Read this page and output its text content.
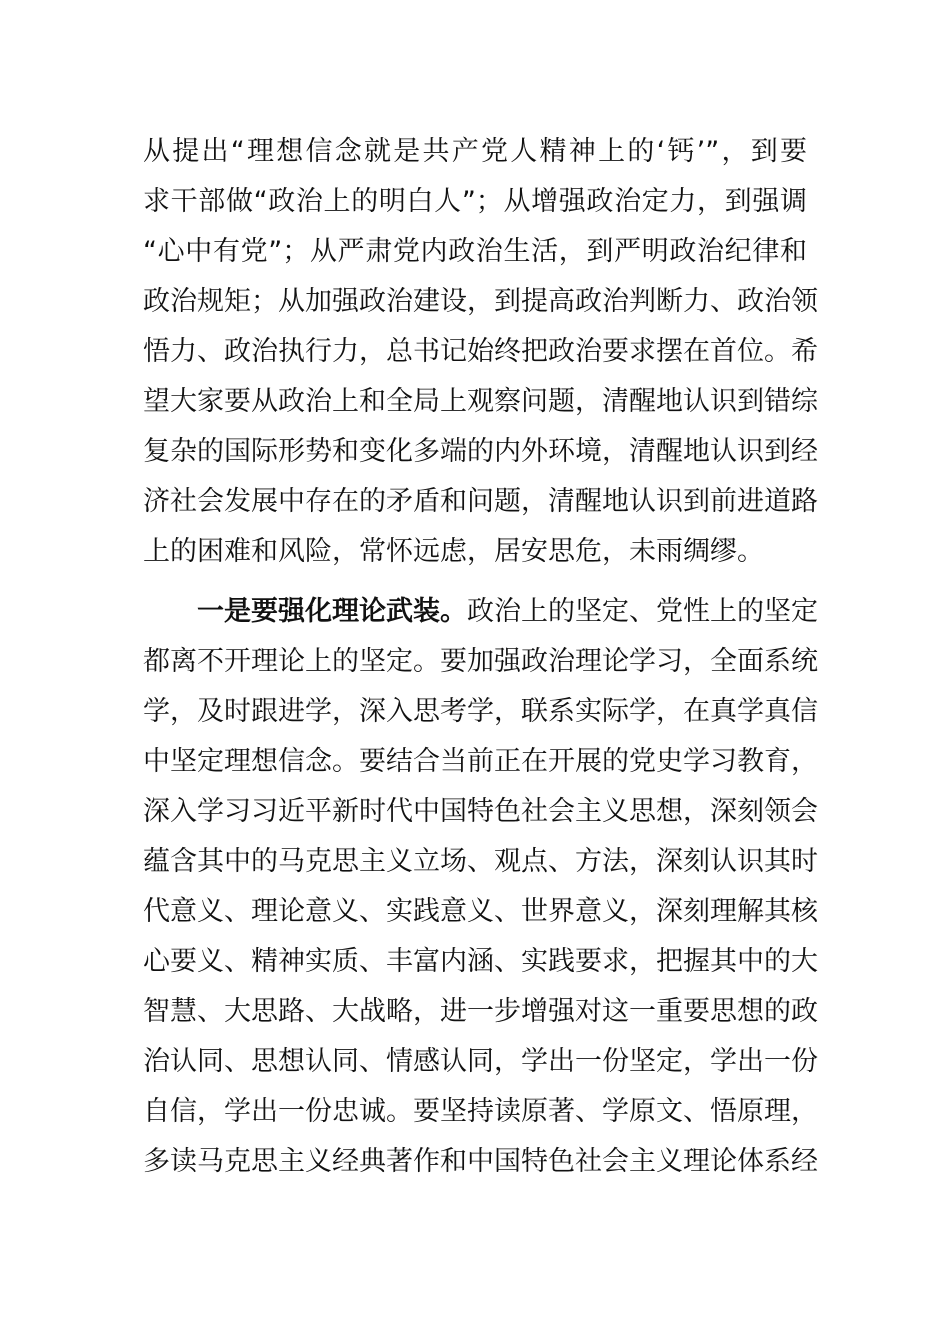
从提出“理想信念就是共产党人精神上的‘钙’”，到要
求干部做“政治上的明白人”；从增强政治定力，到强调
“心中有党”；从严肃党内政治生活，到严明政治纪律和
政治规矩；从加强政治建设，到提高政治判断力、政治领
悟力、政治执行力，总书记始终把政治要求摆在首位。希
望大家要从政治上和全局上观察问题，清醒地认识到错综
复杂的国际形势和变化多端的内外环境，清醒地认识到经
济社会发展中存在的矛盾和问题，清醒地认识到前进道路
上的困难和风险，常怀远虑，居安思危，未雨绸缪。
一是要强化理论武装。政治上的坚定、党性上的坚定
都离不开理论上的坚定。要加强政治理论学习，全面系统
学，及时跟进学，深入思考学，联系实际学，在真学真信
中坚定理想信念。要结合当前正在开展的党史学习教育，
深入学习习近平新时代中国特色社会主义思想，深刻领会
蕴含其中的马克思主义立场、观点、方法，深刻认识其时
代意义、理论意义、实践意义、世界意义，深刻理解其核
心要义、精神实质、丰富内涵、实践要求，把握其中的大
智慧、大思路、大战略，进一步增强对这一重要思想的政
治认同、思想认同、情感认同，学出一份坚定，学出一份
自信，学出一份忠诚。要坚持读原著、学原文、悟原理，
多读马克思主义经典著作和中国特色社会主义理论体系经
